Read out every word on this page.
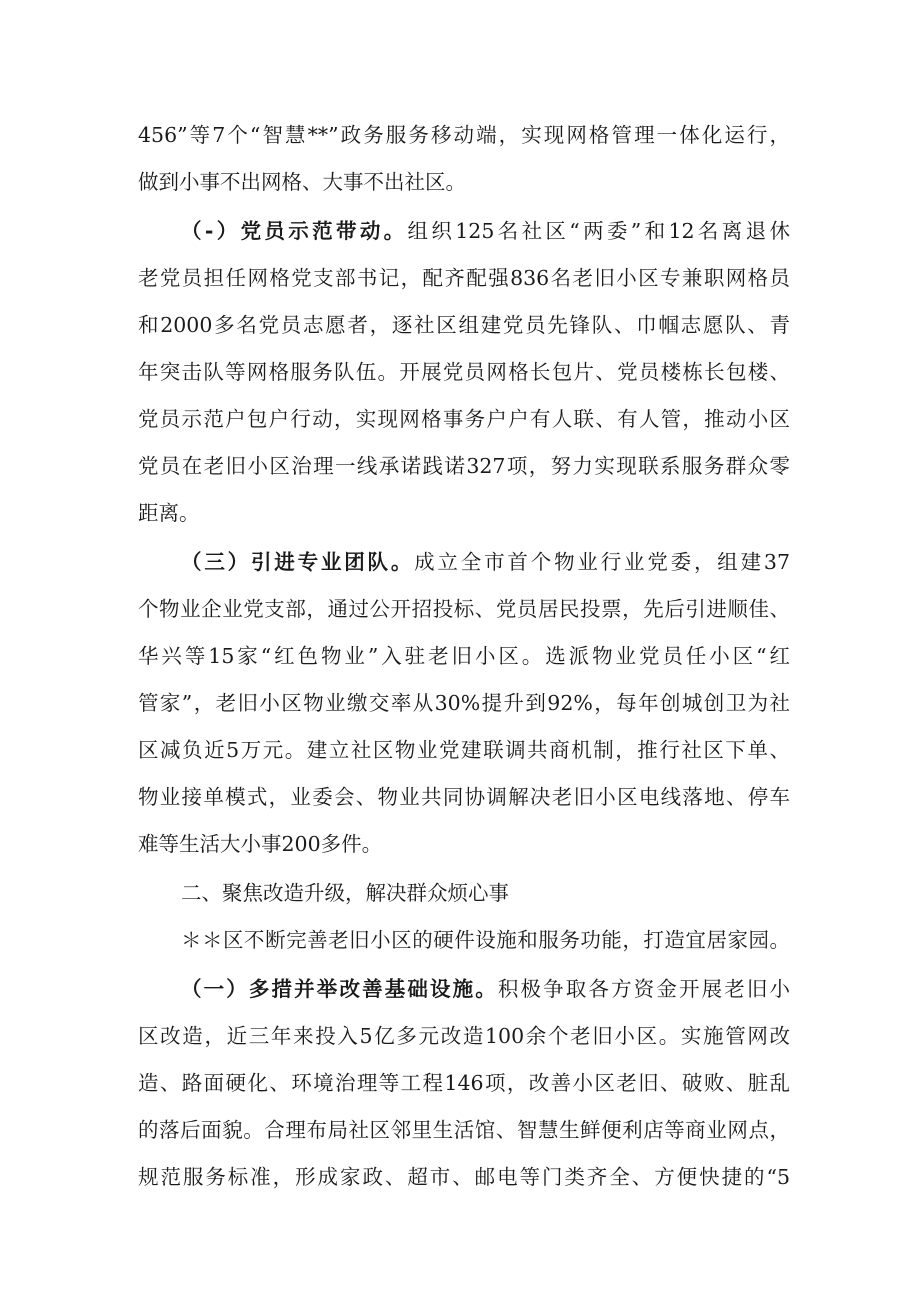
456”等7个“智慧**”政务服务移动端，实现网格管理一体化运行，
做到小事不出网格、大事不出社区。
（-）党员示范带动。组织125名社区“两委”和12名离退休
老党员担任网格党支部书记，配齐配强836名老旧小区专兼职网格员
和2000多名党员志愿者，逐社区组建党员先锋队、巾帼志愿队、青
年突击队等网格服务队伍。开展党员网格长包片、党员楼栋长包楼、
党员示范户包户行动，实现网格事务户户有人联、有人管，推动小区
党员在老旧小区治理一线承诺践诺327项，努力实现联系服务群众零
距离。
（三）引进专业团队。成立全市首个物业行业党委，组建37
个物业企业党支部，通过公开招投标、党员居民投票，先后引进顺佳、
华兴等15家“红色物业”入驻老旧小区。选派物业党员任小区“红
管家”，老旧小区物业缴交率从30%提升到92%，每年创城创卫为社
区减负近5万元。建立社区物业党建联调共商机制，推行社区下单、
物业接单模式，业委会、物业共同协调解决老旧小区电线落地、停车
难等生活大小事200多件。
二、聚焦改造升级，解决群众烦心事
＊＊区不断完善老旧小区的硬件设施和服务功能，打造宜居家园。
（一）多措并举改善基础设施。积极争取各方资金开展老旧小
区改造，近三年来投入5亿多元改造100余个老旧小区。实施管网改
造、路面硬化、环境治理等工程146项，改善小区老旧、破败、脏乱
的落后面貌。合理布局社区邻里生活馆、智慧生鲜便利店等商业网点，
规范服务标准，形成家政、超市、邮电等门类齐全、方便快捷的“5
